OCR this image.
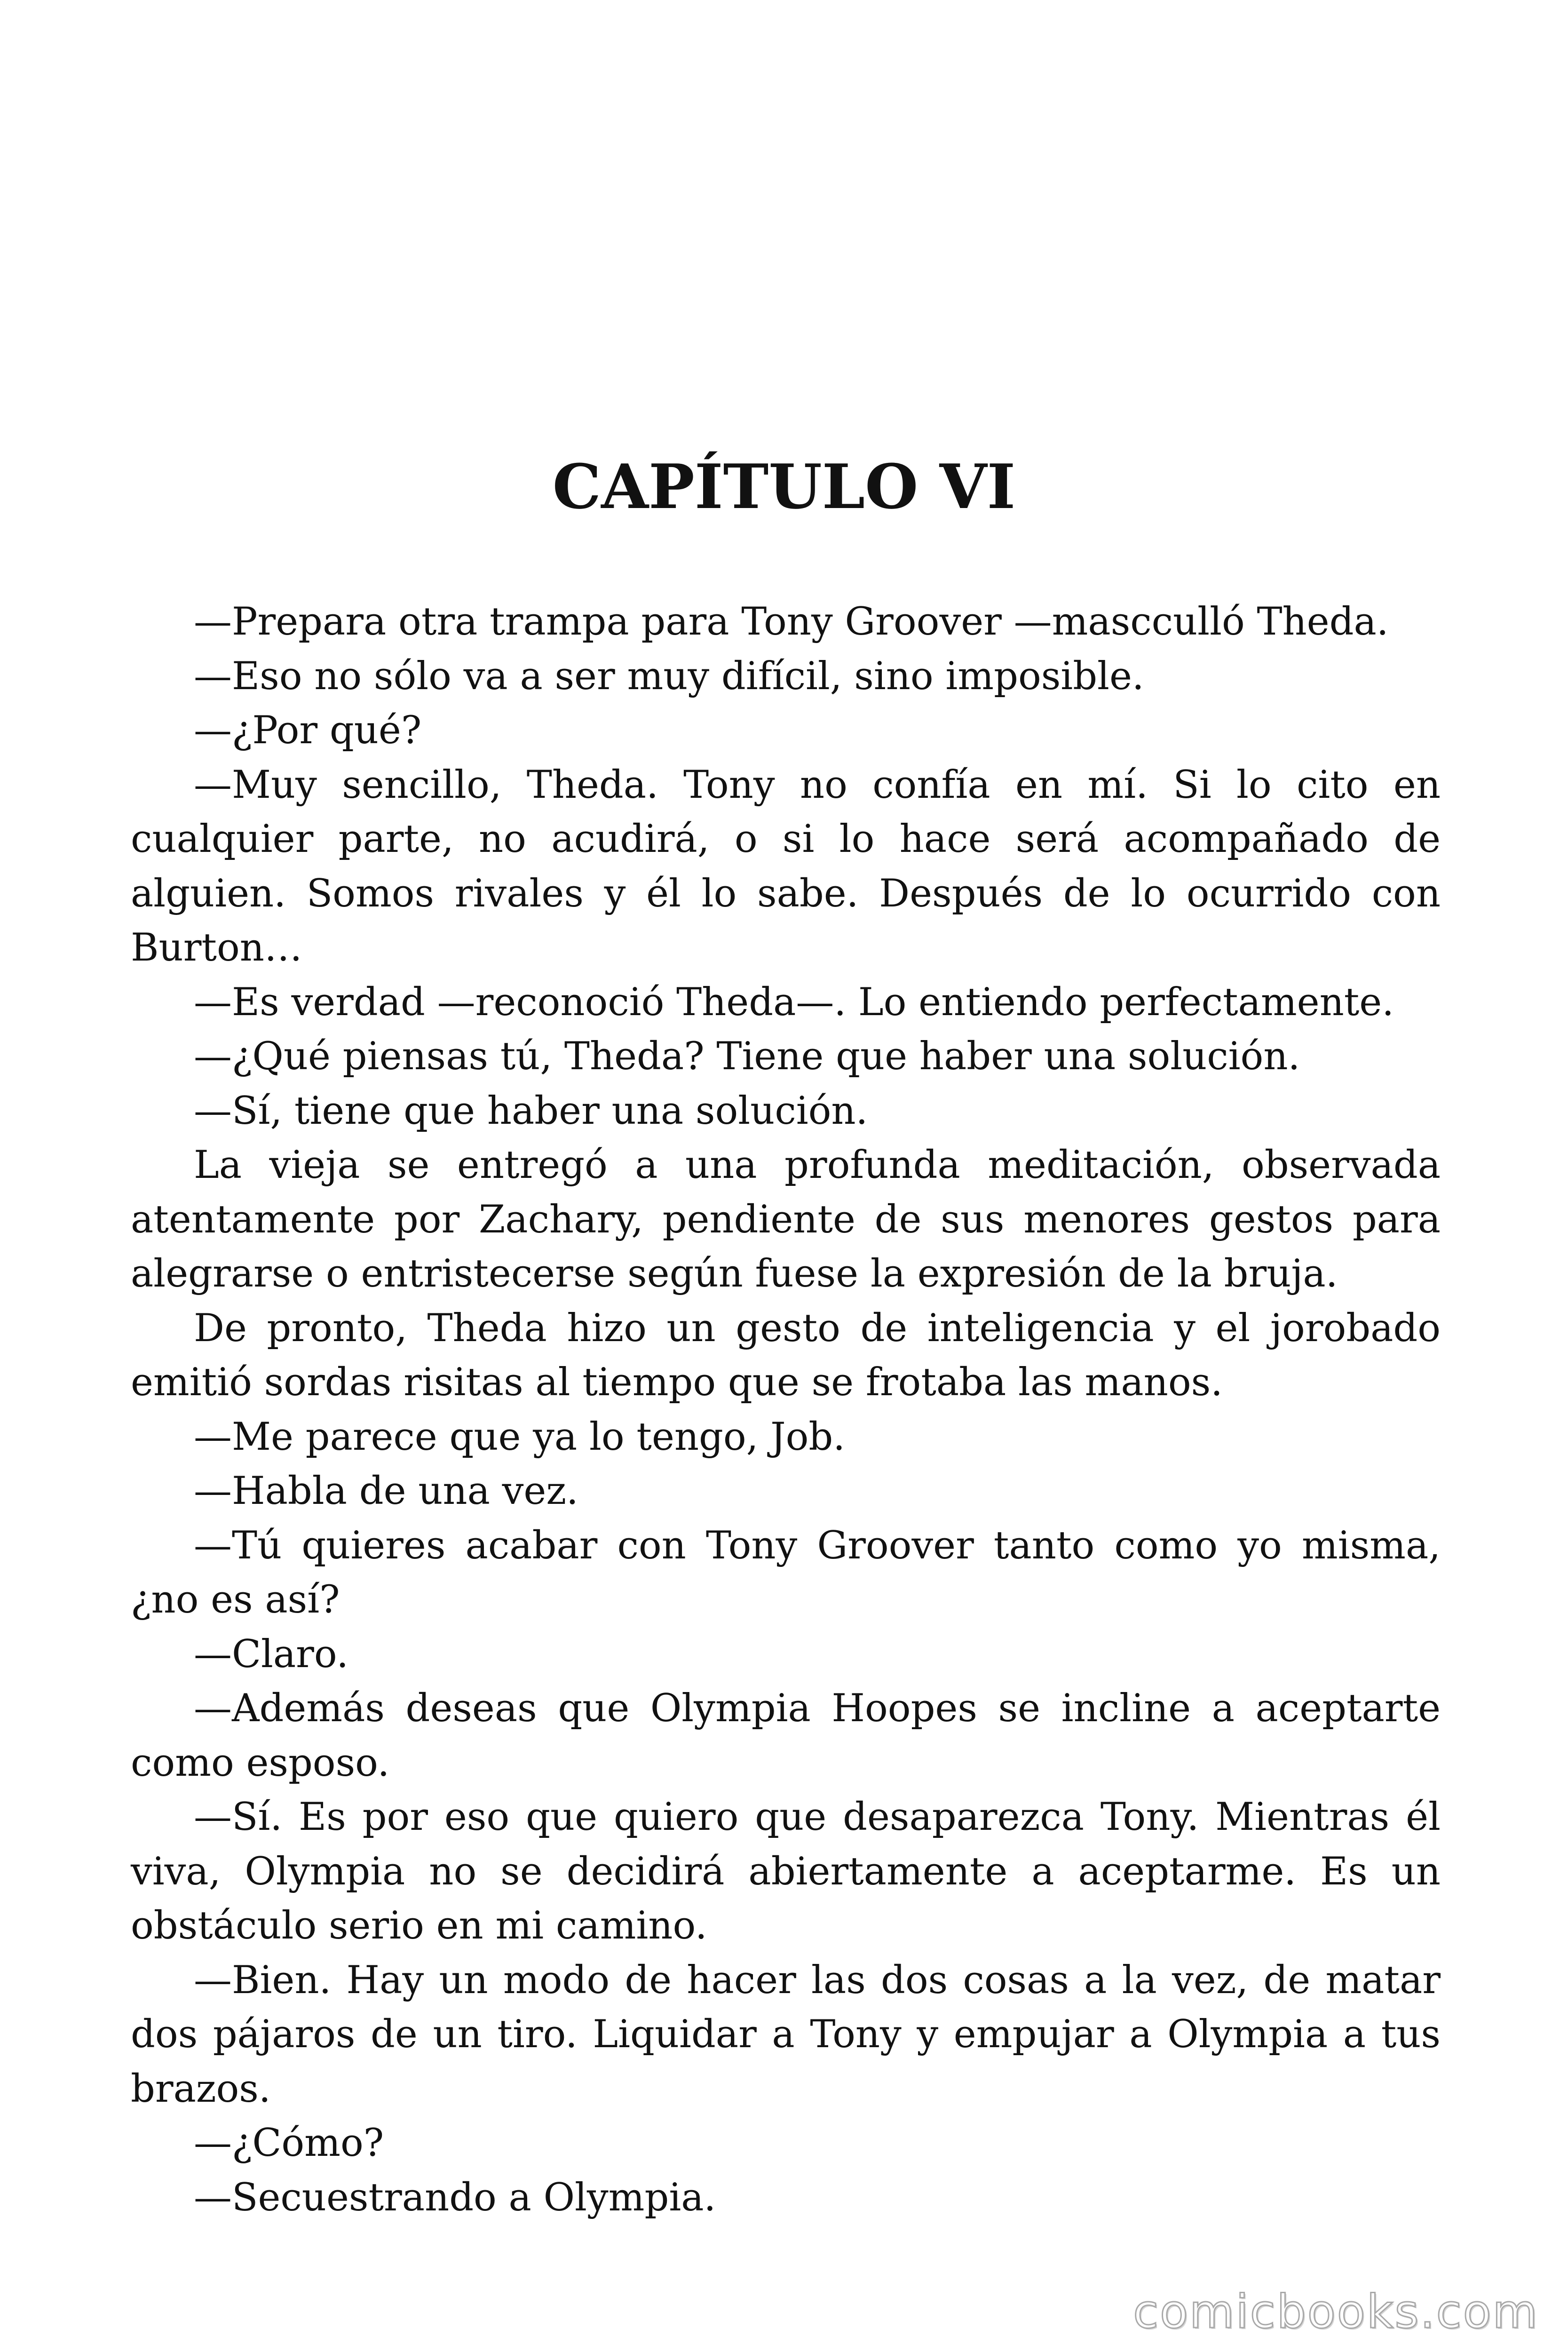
CAPÍTULO VI

—Prepara otra trampa para Tony Groover —mascculló Theda.

—Eso no sólo va a ser muy difícil, sino imposible.

—¿Por qué?

—Muy sencillo, Theda. Tony no confía en mí. Si lo cito en cualquier parte, no acudirá, o si lo hace será acompañado de alguien. Somos rivales y él lo sabe. Después de lo ocurrido con Burton…

—Es verdad —reconoció Theda—. Lo entiendo perfectamente.

—¿Qué piensas tú, Theda? Tiene que haber una solución.

—Sí, tiene que haber una solución.

La vieja se entregó a una profunda meditación, observada atentamente por Zachary, pendiente de sus menores gestos para alegrarse o entristecerse según fuese la expresión de la bruja.

De pronto, Theda hizo un gesto de inteligencia y el jorobado emitió sordas risitas al tiempo que se frotaba las manos.

—Me parece que ya lo tengo, Job.

—Habla de una vez.

—Tú quieres acabar con Tony Groover tanto como yo misma, ¿no es así?

—Claro.

—Además deseas que Olympia Hoopes se incline a aceptarte como esposo.

—Sí. Es por eso que quiero que desaparezca Tony. Mientras él viva, Olympia no se decidirá abiertamente a aceptarme. Es un obstáculo serio en mi camino.

—Bien. Hay un modo de hacer las dos cosas a la vez, de matar dos pájaros de un tiro. Liquidar a Tony y empujar a Olympia a tus brazos.

—¿Cómo?

—Secuestrando a Olympia.

comicbooks.com
